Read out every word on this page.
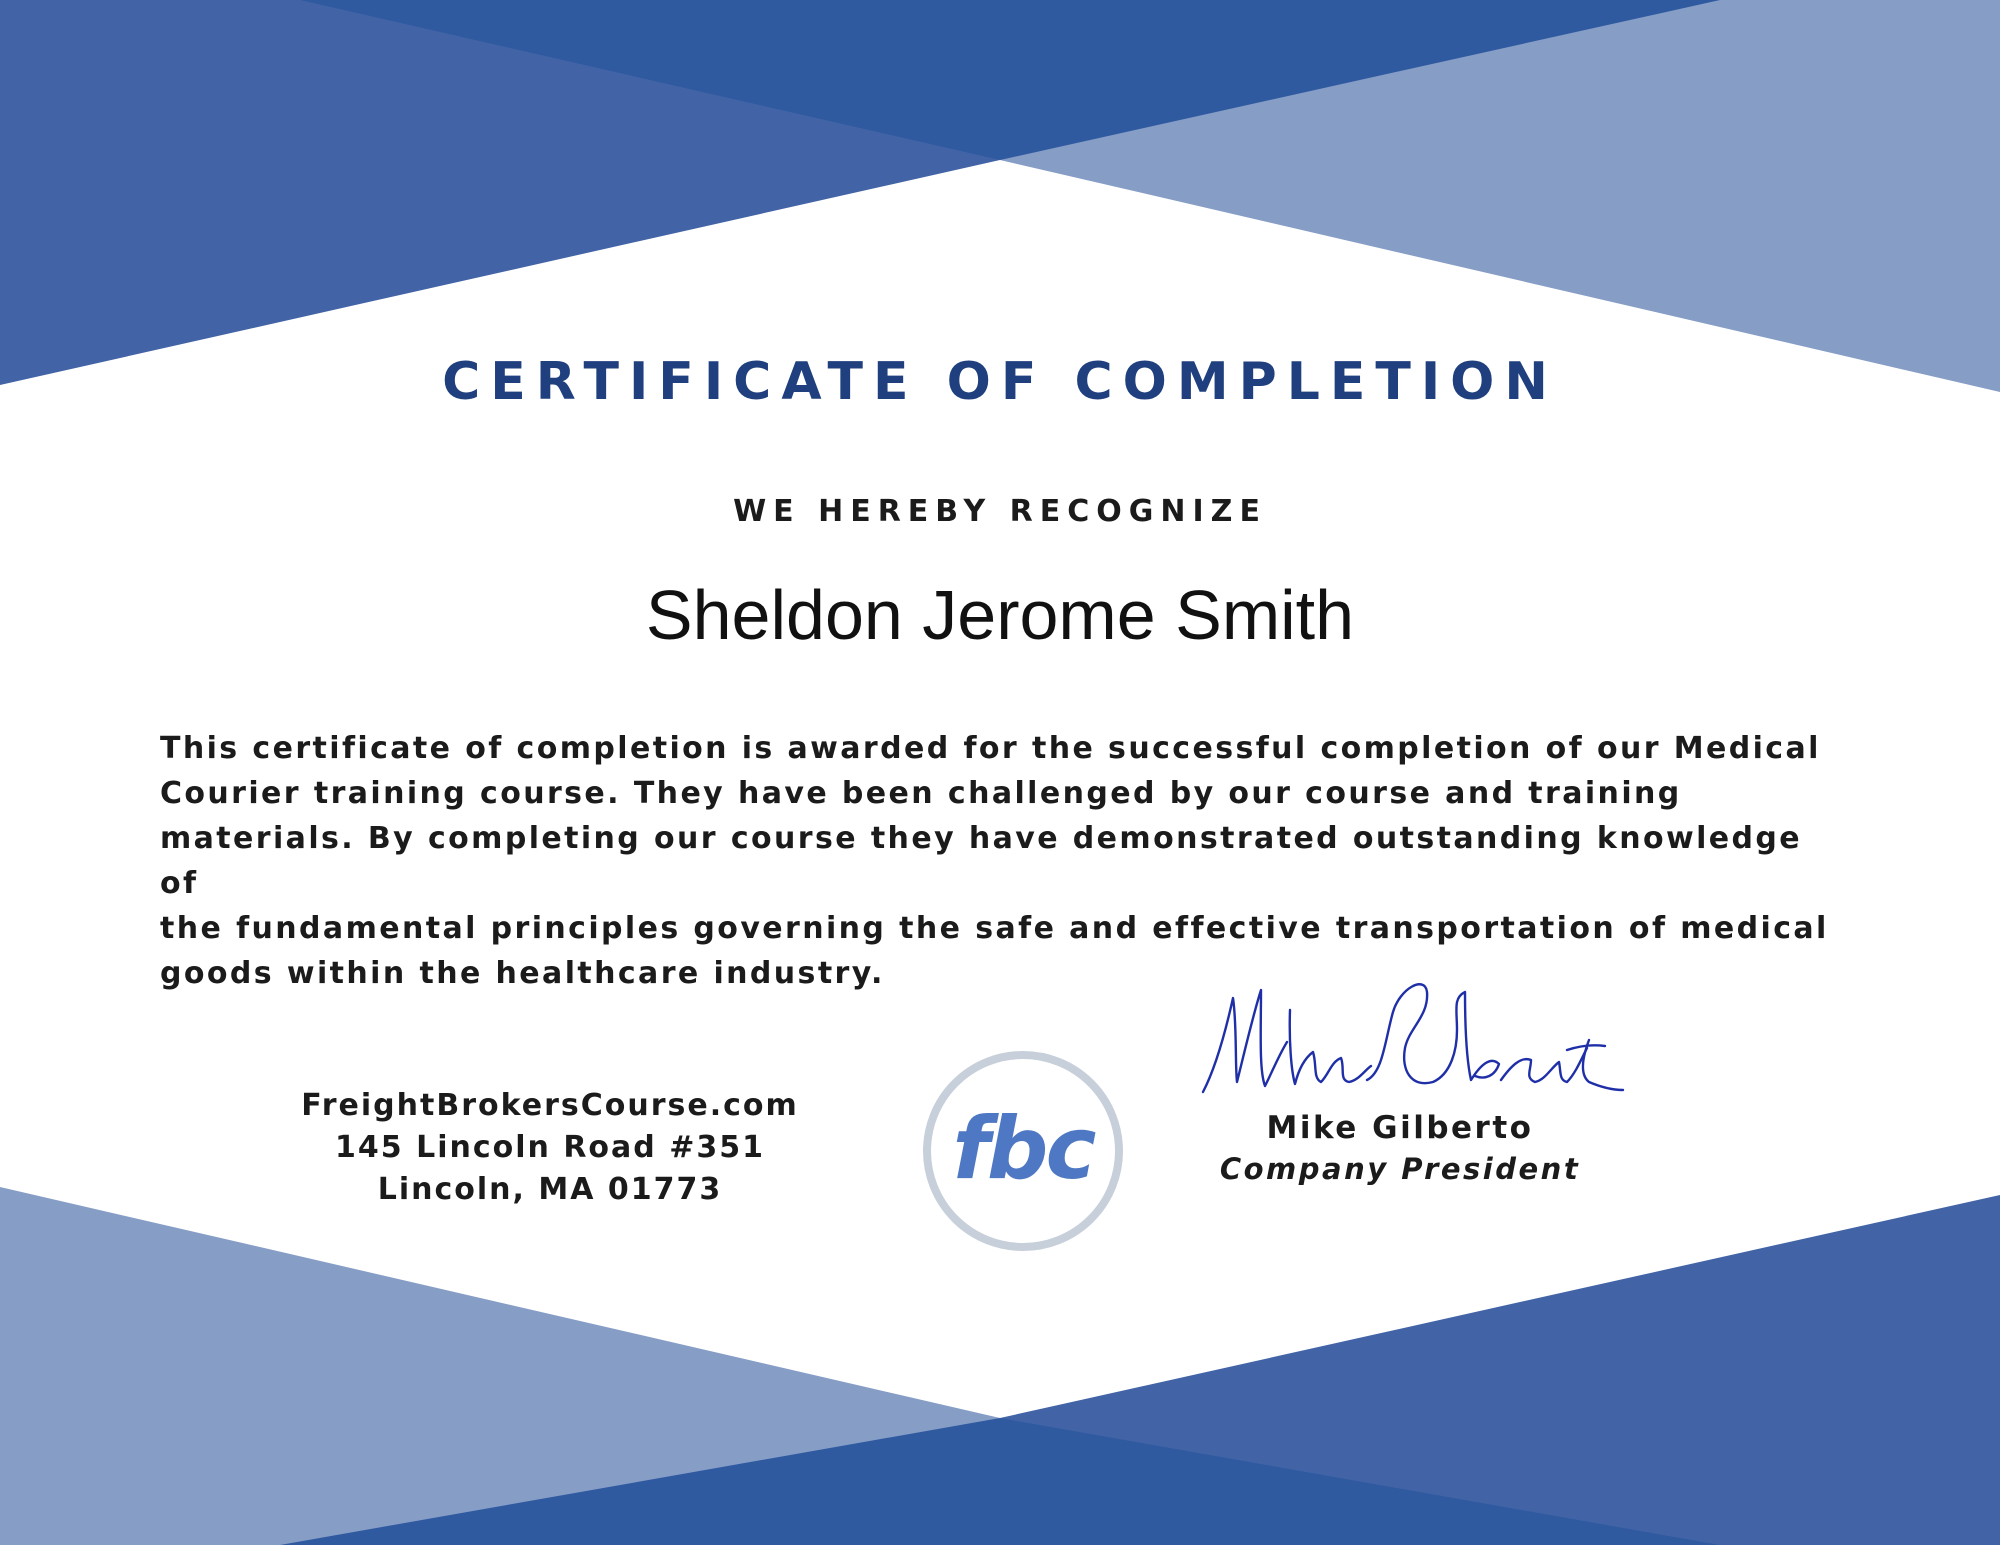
CERTIFICATE OF COMPLETION
WE HEREBY RECOGNIZE
Sheldon Jerome Smith
This certificate of completion is awarded for the successful completion of our Medical
Courier training course. They have been challenged by our course and training
materials. By completing our course they have demonstrated outstanding knowledge of
the fundamental principles governing the safe and effective transportation of medical
goods within the healthcare industry.
FreightBrokersCourse.com
145 Lincoln Road #351
Lincoln, MA 01773	fbc	Mike Gilberto
Company President
